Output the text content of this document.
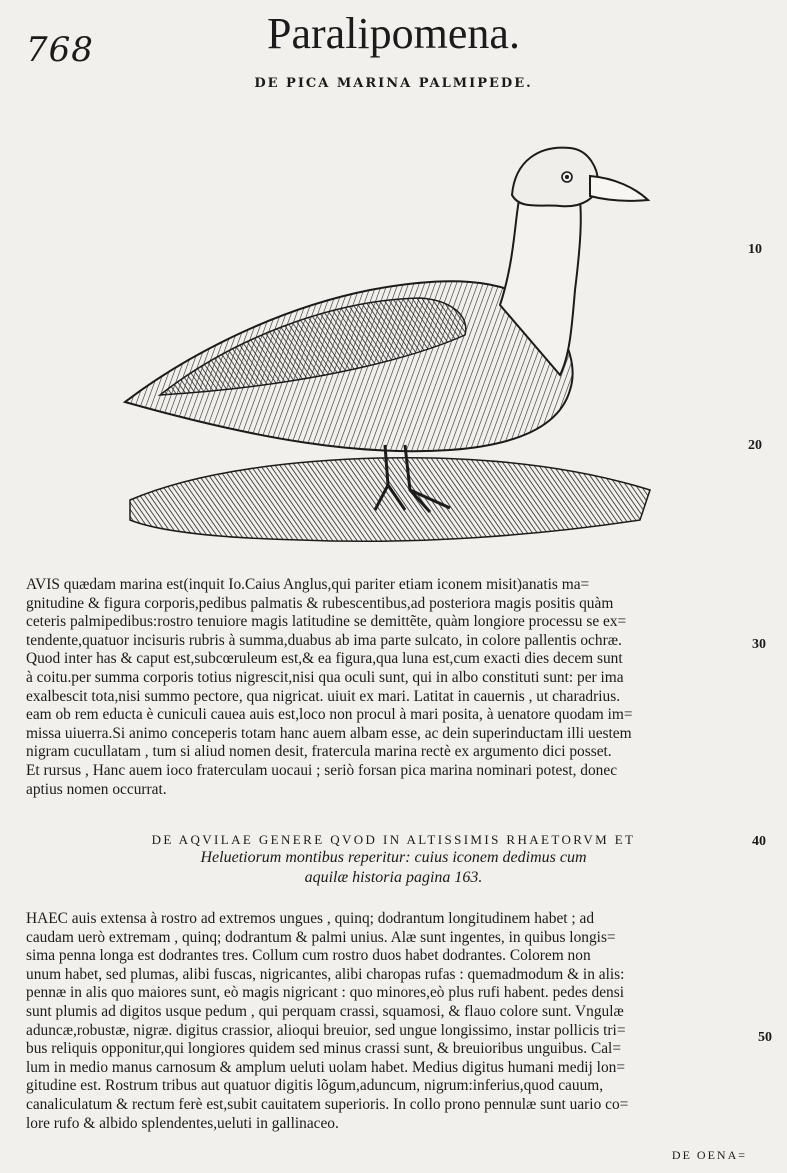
768	Paralipomena.
DE PICA MARINA PALMIPEDE.
10
20
30
40
50
AVIS quædam marina est(inquit Io.Caius Anglus,qui pariter etiam iconem misit)anatis ma=
gnitudine & figura corporis,pedibus palmatis & rubescentibus,ad posteriora magis positis quàm
ceteris palmipedibus:rostro tenuiore magis latitudine se demittẽte, quàm longiore processu se ex=
tendente,quatuor incisuris rubris à summa,duabus ab ima parte sulcato, in colore pallentis ochræ.
Quod inter has & caput est,subcœruleum est,& ea figura,qua luna est,cum exacti dies decem sunt
à coitu.per summa corporis totius nigrescit,nisi qua oculi sunt, qui in albo constituti sunt: per ima
exalbescit tota,nisi summo pectore, qua nigricat. uiuit ex mari. Latitat in cauernis , ut charadrius.
eam ob rem educta è cuniculi cauea auis est,loco non procul à mari posita, à uenatore quodam im=
missa uiuerra.Si animo conceperis totam hanc auem albam esse, ac dein superinductam illi uestem
nigram cucullatam , tum si aliud nomen desit, fratercula marina rectè ex argumento dici posset.
Et rursus , Hanc auem ioco fraterculam uocaui ; seriò forsan pica marina nominari potest, donec
aptius nomen occurrat.
DE AQVILAE GENERE QVOD IN ALTISSIMIS RHAETORVM ET
Heluetiorum montibus reperitur: cuius iconem dedimus cum
aquilæ historia pagina 163.
HAEC auis extensa à rostro ad extremos ungues , quinq; dodrantum longitudinem habet ; ad
caudam uerò extremam , quinq; dodrantum & palmi unius. Alæ sunt ingentes, in quibus longis=
sima penna longa est dodrantes tres. Collum cum rostro duos habet dodrantes. Colorem non
unum habet, sed plumas, alibi fuscas, nigricantes, alibi charopas rufas : quemadmodum & in alis:
pennæ in alis quo maiores sunt, eò magis nigricant : quo minores,eò plus rufi habent. pedes densi
sunt plumis ad digitos usque pedum , qui perquam crassi, squamosi, & flauo colore sunt. Vngulæ
aduncæ,robustæ, nigræ. digitus crassior, alioqui breuior, sed ungue longissimo, instar pollicis tri=
bus reliquis opponitur,qui longiores quidem sed minus crassi sunt, & breuioribus unguibus. Cal=
lum in medio manus carnosum & amplum ueluti uolam habet. Medius digitus humani medij lon=
gitudine est. Rostrum tribus aut quatuor digitis lõgum,aduncum, nigrum:inferius,quod cauum,
canaliculatum & rectum ferè est,subit cauitatem superioris. In collo prono pennulæ sunt uario co=
lore rufo & albido splendentes,ueluti in gallinaceo.
DE OENA=
